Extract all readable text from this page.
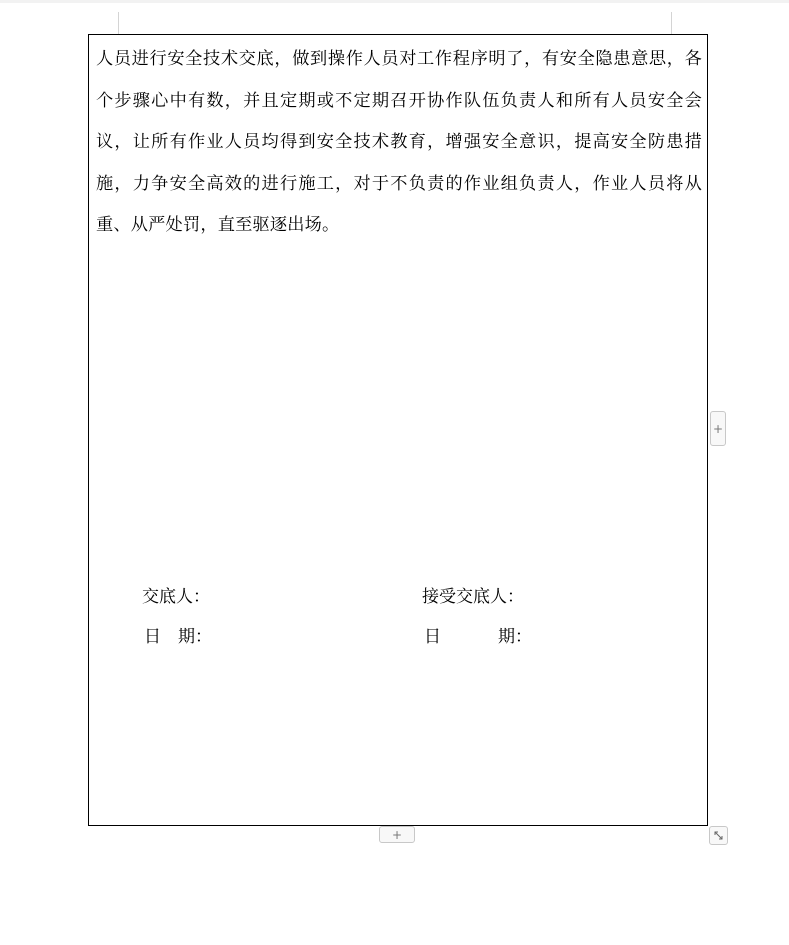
人员进行安全技术交底，做到操作人员对工作程序明了，有安全隐患意思，各个步骤心中有数，并且定期或不定期召开协作队伍负责人和所有人员安全会议，让所有作业人员均得到安全技术教育，增强安全意识，提高安全防患措施，力争安全高效的进行施工，对于不负责的作业组负责人，作业人员将从重、从严处罚，直至驱逐出场。

交底人：	接受交底人：
日　期：	日	期：
+
+
